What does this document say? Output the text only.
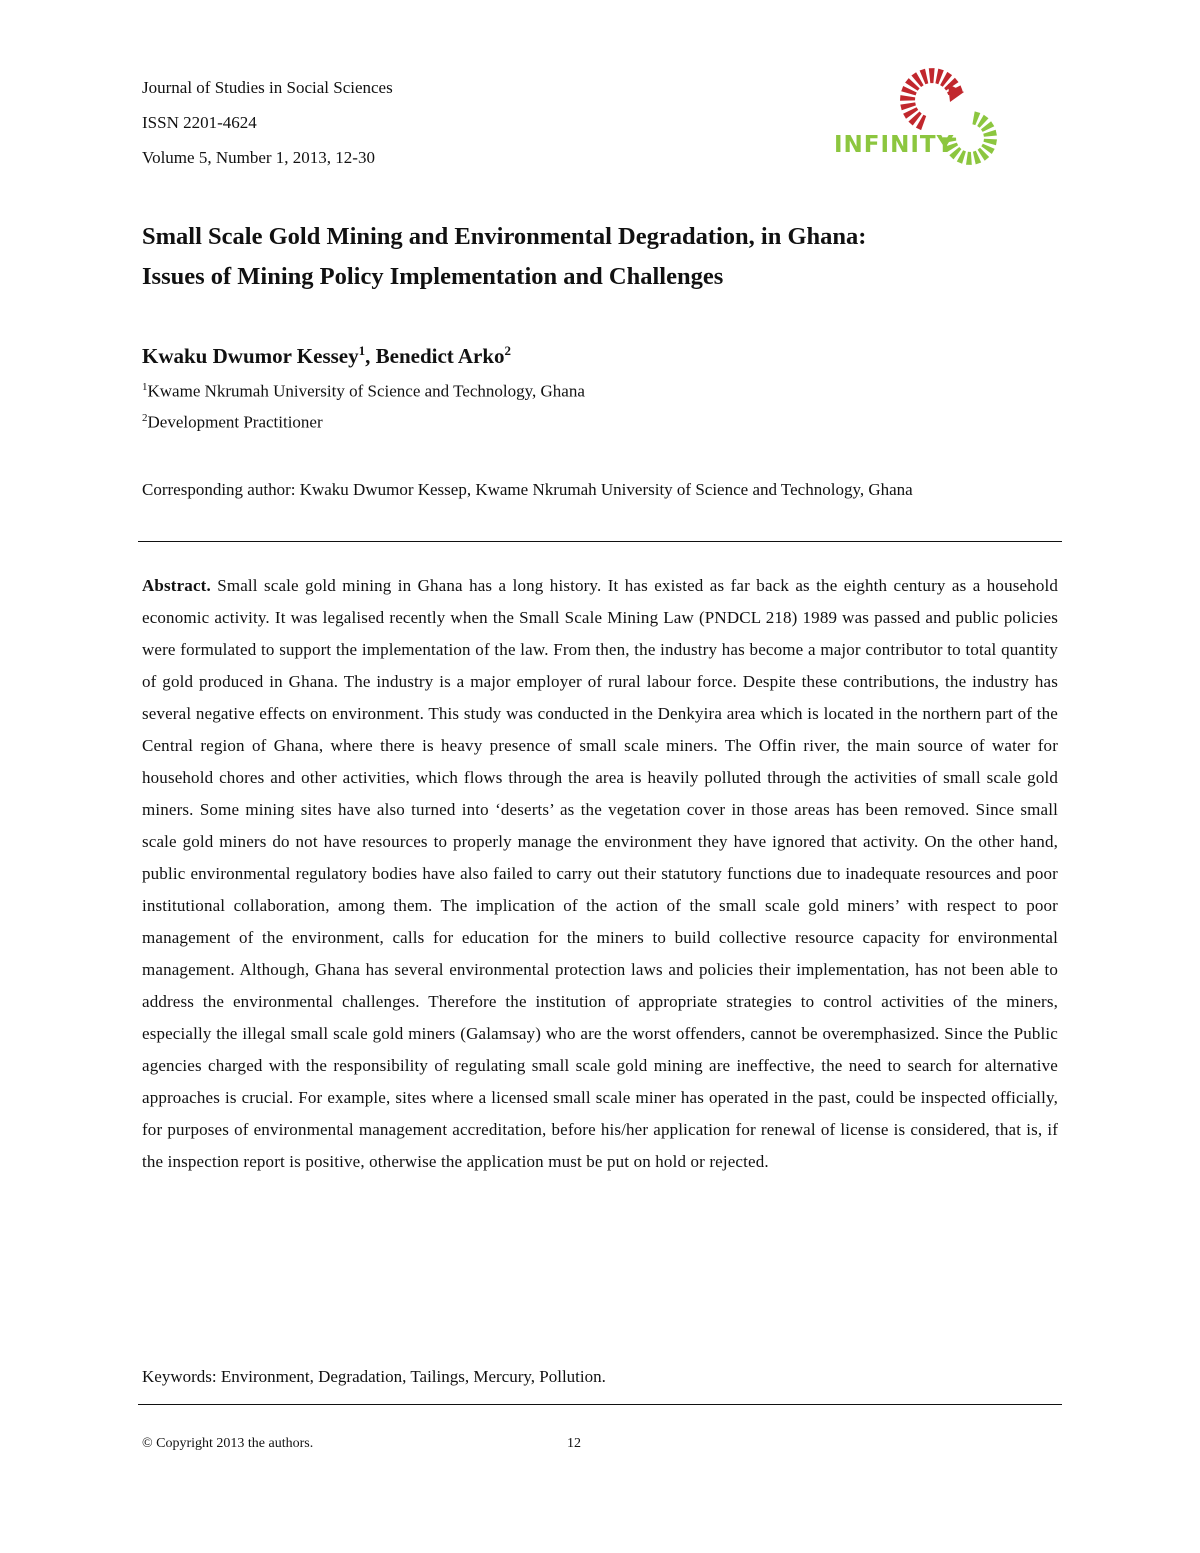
Journal of Studies in Social Sciences
ISSN 2201-4624
Volume 5, Number 1, 2013, 12-30	INFINITY
Small Scale Gold Mining and Environmental Degradation, in Ghana:
Issues of Mining Policy Implementation and Challenges
Kwaku Dwumor Kessey$^1$, Benedict Arko$^2$
$^1$Kwame Nkrumah University of Science and Technology, Ghana
$^2$Development Practitioner
Corresponding author: Kwaku Dwumor Kessep, Kwame Nkrumah University of Science and Technology, Ghana
Abstract. Small scale gold mining in Ghana has a long history. It has existed as far back as the eighth century as a household economic activity. It was legalised recently when the Small Scale Mining Law (PNDCL 218) 1989 was passed and public policies were formulated to support the implementation of the law. From then, the industry has become a major contributor to total quantity of gold produced in Ghana. The industry is a major employer of rural labour force. Despite these contributions, the industry has several negative effects on environment. This study was conducted in the Denkyira area which is located in the northern part of the Central region of Ghana, where there is heavy presence of small scale miners. The Offin river, the main source of water for household chores and other activities, which flows through the area is heavily polluted through the activities of small scale gold miners. Some mining sites have also turned into ‘deserts’ as the vegetation cover in those areas has been removed. Since small scale gold miners do not have resources to properly manage the environment they have ignored that activity. On the other hand, public environmental regulatory bodies have also failed to carry out their statutory functions due to inadequate resources and poor institutional collaboration, among them. The implication of the action of the small scale gold miners’ with respect to poor management of the environment, calls for education for the miners to build collective resource capacity for environmental management. Although, Ghana has several environmental protection laws and policies their implementation, has not been able to address the environmental challenges. Therefore the institution of appropriate strategies to control activities of the miners, especially the illegal small scale gold miners (Galamsay) who are the worst offenders, cannot be overemphasized. Since the Public agencies charged with the responsibility of regulating small scale gold mining are ineffective, the need to search for alternative approaches is crucial. For example, sites where a licensed small scale miner has operated in the past, could be inspected officially, for purposes of environmental management accreditation, before his/her application for renewal of license is considered, that is, if the inspection report is positive, otherwise the application must be put on hold or rejected.
Keywords: Environment, Degradation, Tailings, Mercury, Pollution.
© Copyright 2013 the authors.	12
